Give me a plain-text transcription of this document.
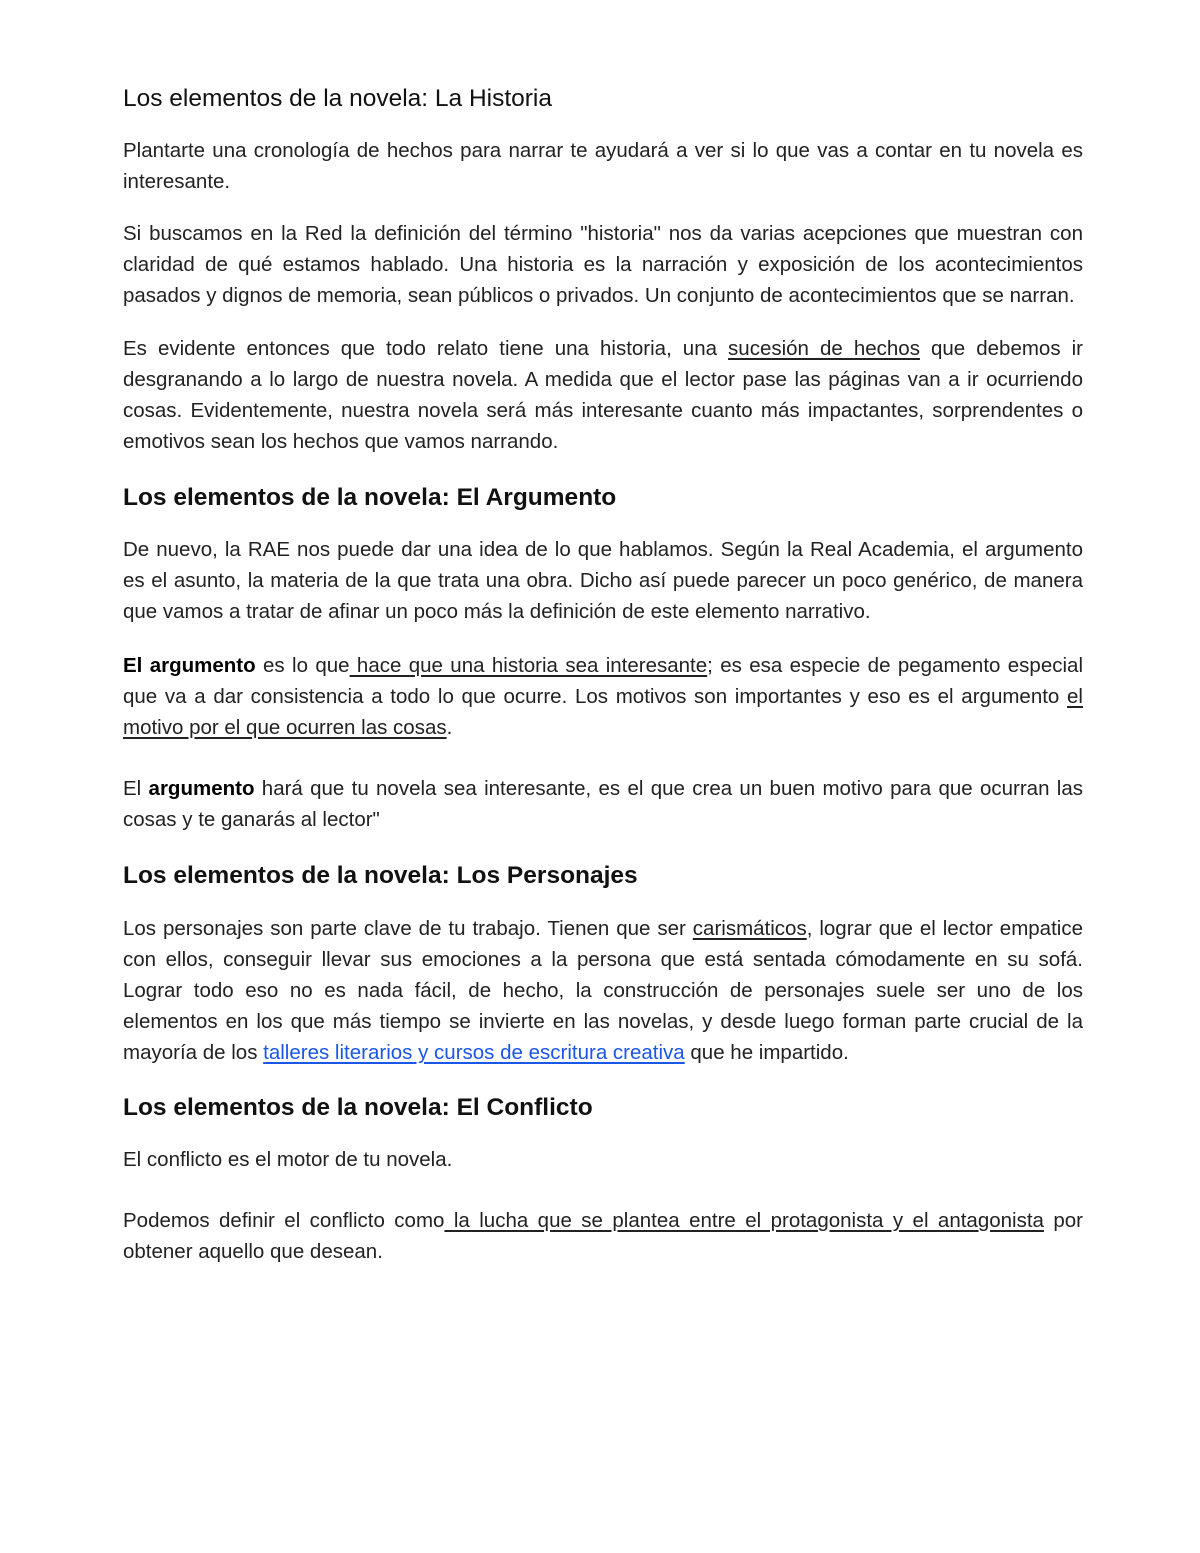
Los elementos de la novela: La Historia

Plantarte una cronología de hechos para narrar te ayudará a ver si lo que vas a contar en tu novela es interesante.

Si buscamos en la Red la definición del término "historia" nos da varias acepciones que muestran con claridad de qué estamos hablado. Una historia es la narración y exposición de los acontecimientos pasados y dignos de memoria, sean públicos o privados. Un conjunto de acontecimientos que se narran.

Es evidente entonces que todo relato tiene una historia, una sucesión de hechos que debemos ir desgranando a lo largo de nuestra novela. A medida que el lector pase las páginas van a ir ocurriendo cosas. Evidentemente, nuestra novela será más interesante cuanto más impactantes, sorprendentes o emotivos sean los hechos que vamos narrando.

Los elementos de la novela: El Argumento

De nuevo, la RAE nos puede dar una idea de lo que hablamos. Según la Real Academia, el argumento es el asunto, la materia de la que trata una obra. Dicho así puede parecer un poco genérico, de manera que vamos a tratar de afinar un poco más la definición de este elemento narrativo.

El argumento es lo que hace que una historia sea interesante; es esa especie de pegamento especial que va a dar consistencia a todo lo que ocurre. Los motivos son importantes y eso es el argumento el motivo por el que ocurren las cosas.

El argumento hará que tu novela sea interesante, es el que crea un buen motivo para que ocurran las cosas y te ganarás al lector"

Los elementos de la novela: Los Personajes

Los personajes son parte clave de tu trabajo. Tienen que ser carismáticos, lograr que el lector empatice con ellos, conseguir llevar sus emociones a la persona que está sentada cómodamente en su sofá. Lograr todo eso no es nada fácil, de hecho, la construcción de personajes suele ser uno de los elementos en los que más tiempo se invierte en las novelas, y desde luego forman parte crucial de la mayoría de los talleres literarios y cursos de escritura creativa que he impartido.

Los elementos de la novela: El Conflicto

El conflicto es el motor de tu novela.

Podemos definir el conflicto como la lucha que se plantea entre el protagonista y el antagonista por obtener aquello que desean.
